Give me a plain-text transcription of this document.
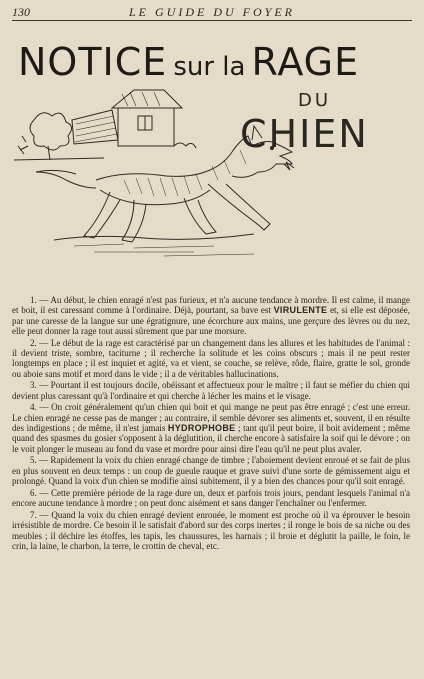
130	LE GUIDE DU FOYER
NOTICE sur la RAGE
DU
CHIEN

1. — Au début, le chien enragé n'est pas furieux, et n'a aucune tendance à mordre. Il est calme, il mange et boit, il est caressant comme à l'ordinaire. Déjà, pourtant, sa bave est VIRULENTE et, si elle est déposée, par une caresse de la langue sur une égratignure, une écorchure aux mains, une gerçure des lèvres ou du nez, elle peut donner la rage tout aussi sûrement que par une morsure.

2. — Le début de la rage est caractérisé par un changement dans les allures et les habitudes de l'animal : il devient triste, sombre, taciturne ; il recherche la solitude et les coins obscurs ; mais il ne peut rester longtemps en place ; il est inquiet et agité, va et vient, se couche, se relève, rôde, flaire, gratte le sol, gronde ou aboie sans motif et mord dans le vide ; il a de véritables hallucinations.

3. — Pourtant il est toujours docile, obéissant et affectueux pour le maître ; il faut se méfier du chien qui devient plus caressant qu'à l'ordinaire et qui cherche à lécher les mains et le visage.

4. — On croit généralement qu'un chien qui boit et qui mange ne peut pas être enragé ; c'est une erreur. Le chien enragé ne cesse pas de manger ; au contraire, il semble dévorer ses aliments et, souvent, il en résulte des indigestions ; de même, il n'est jamais HYDROPHOBE ; tant qu'il peut boire, il boit avidement ; même quand des spasmes du gosier s'opposent à la déglutition, il cherche encore à satisfaire la soif qui le dévore ; on le voit plonger le museau au fond du vase et mordre pour ainsi dire l'eau qu'il ne peut plus avaler.

5. — Rapidement la voix du chien enragé change de timbre ; l'aboiement devient enroué et se fait de plus en plus souvent en deux temps : un coup de gueule rauque et grave suivi d'une sorte de gémissement aigu et prolongé. Quand la voix d'un chien se modifie ainsi subitement, il y a bien des chances pour qu'il soit enragé.

6. — Cette première période de la rage dure un, deux et parfois trois jours, pendant lesquels l'animal n'a encore aucune tendance à mordre ; on peut donc aisément et sans danger l'enchaîner ou l'enfermer.

7. — Quand la voix du chien enragé devient enrouée, le moment est proche où il va éprouver le besoin irrésistible de mordre. Ce besoin il le satisfait d'abord sur des corps inertes ; il ronge le bois de sa niche ou des meubles ; il déchire les étoffes, les tapis, les chaussures, les harnais ; il broie et déglutit la paille, le foin, le crin, la laine, le charbon, la terre, le crottin de cheval, etc.
